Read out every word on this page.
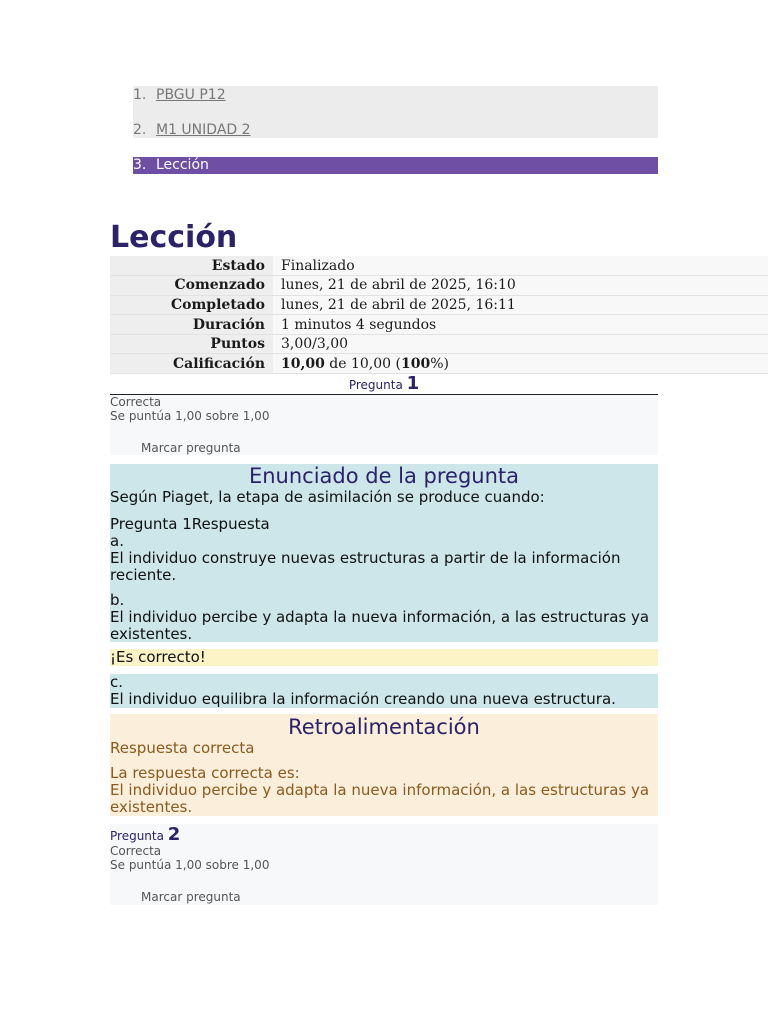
1. PBGU P12
2. M1 UNIDAD 2
3. Lección
Lección
Estado	Finalizado
Comenzado	lunes, 21 de abril de 2025, 16:10
Completado	lunes, 21 de abril de 2025, 16:11
Duración	1 minutos 4 segundos
Puntos	3,00/3,00
Calificación	10,00 de 10,00 (100%)
Pregunta 1
Correcta
Se puntúa 1,00 sobre 1,00
Marcar pregunta
Enunciado de la pregunta
Según Piaget, la etapa de asimilación se produce cuando:
Pregunta 1Respuesta
a.
El individuo construye nuevas estructuras a partir de la información reciente.
b.
El individuo percibe y adapta la nueva información, a las estructuras ya existentes.
¡Es correcto!
c.
El individuo equilibra la información creando una nueva estructura.
Retroalimentación
Respuesta correcta
La respuesta correcta es:
El individuo percibe y adapta la nueva información, a las estructuras ya existentes.
Pregunta 2
Correcta
Se puntúa 1,00 sobre 1,00
Marcar pregunta
